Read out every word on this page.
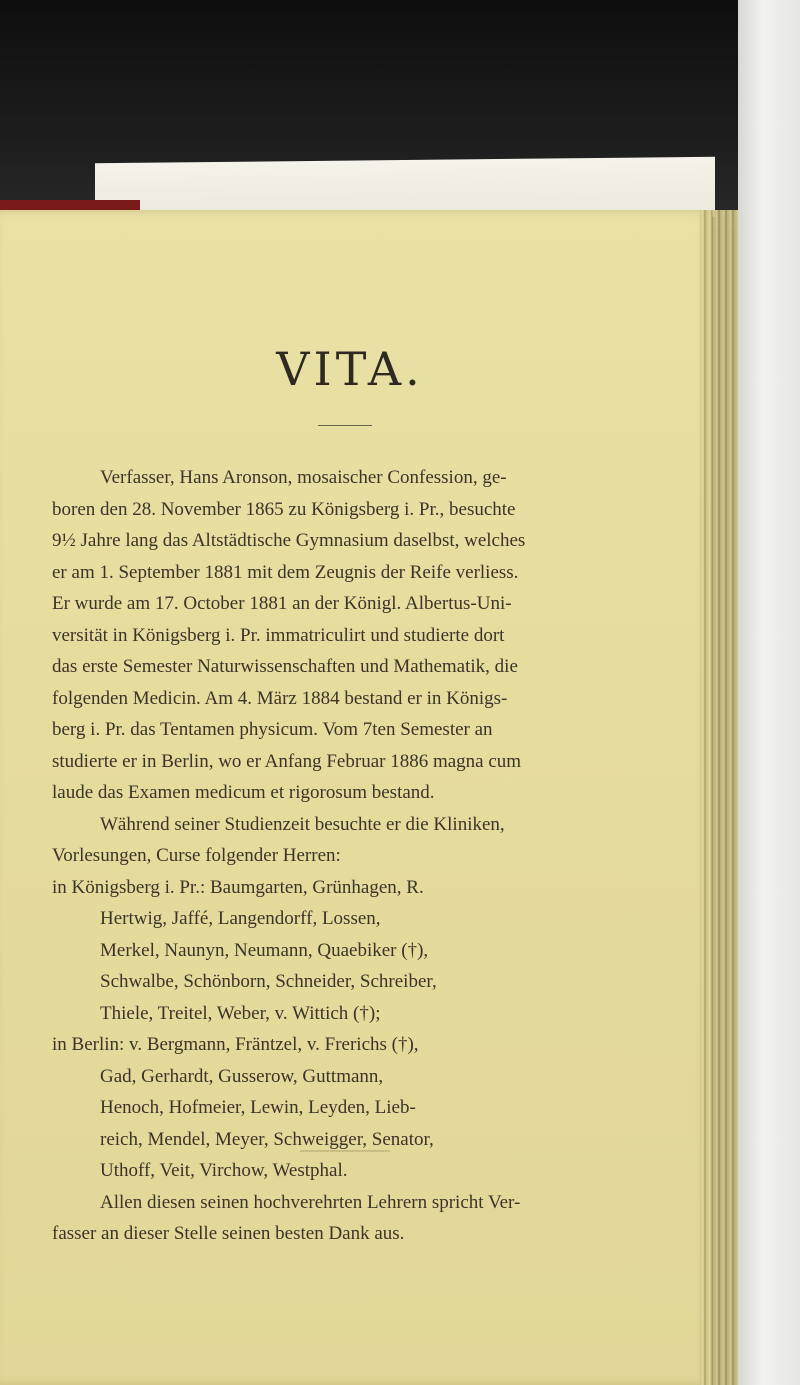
VITA.
Verfasser, Hans Aronson, mosaischer Confession, ge-
boren den 28. November 1865 zu Königsberg i. Pr., besuchte
9½ Jahre lang das Altstädtische Gymnasium daselbst, welches
er am 1. September 1881 mit dem Zeugnis der Reife verliess.
Er wurde am 17. October 1881 an der Königl. Albertus-Uni-
versität in Königsberg i. Pr. immatriculirt und studierte dort
das erste Semester Naturwissenschaften und Mathematik, die
folgenden Medicin. Am 4. März 1884 bestand er in Königs-
berg i. Pr. das Tentamen physicum. Vom 7ten Semester an
studierte er in Berlin, wo er Anfang Februar 1886 magna cum
laude das Examen medicum et rigorosum bestand.
Während seiner Studienzeit besuchte er die Kliniken,
Vorlesungen, Curse folgender Herren:
in Königsberg i. Pr.: Baumgarten, Grünhagen, R.
Hertwig, Jaffé, Langendorff, Lossen,
Merkel, Naunyn, Neumann, Quaebiker (†),
Schwalbe, Schönborn, Schneider, Schreiber,
Thiele, Treitel, Weber, v. Wittich (†);
in Berlin: v. Bergmann, Fräntzel, v. Frerichs (†),
Gad, Gerhardt, Gusserow, Guttmann,
Henoch, Hofmeier, Lewin, Leyden, Lieb-
reich, Mendel, Meyer, Schweigger, Senator,
Uthoff, Veit, Virchow, Westphal.
Allen diesen seinen hochverehrten Lehrern spricht Ver-
fasser an dieser Stelle seinen besten Dank aus.
